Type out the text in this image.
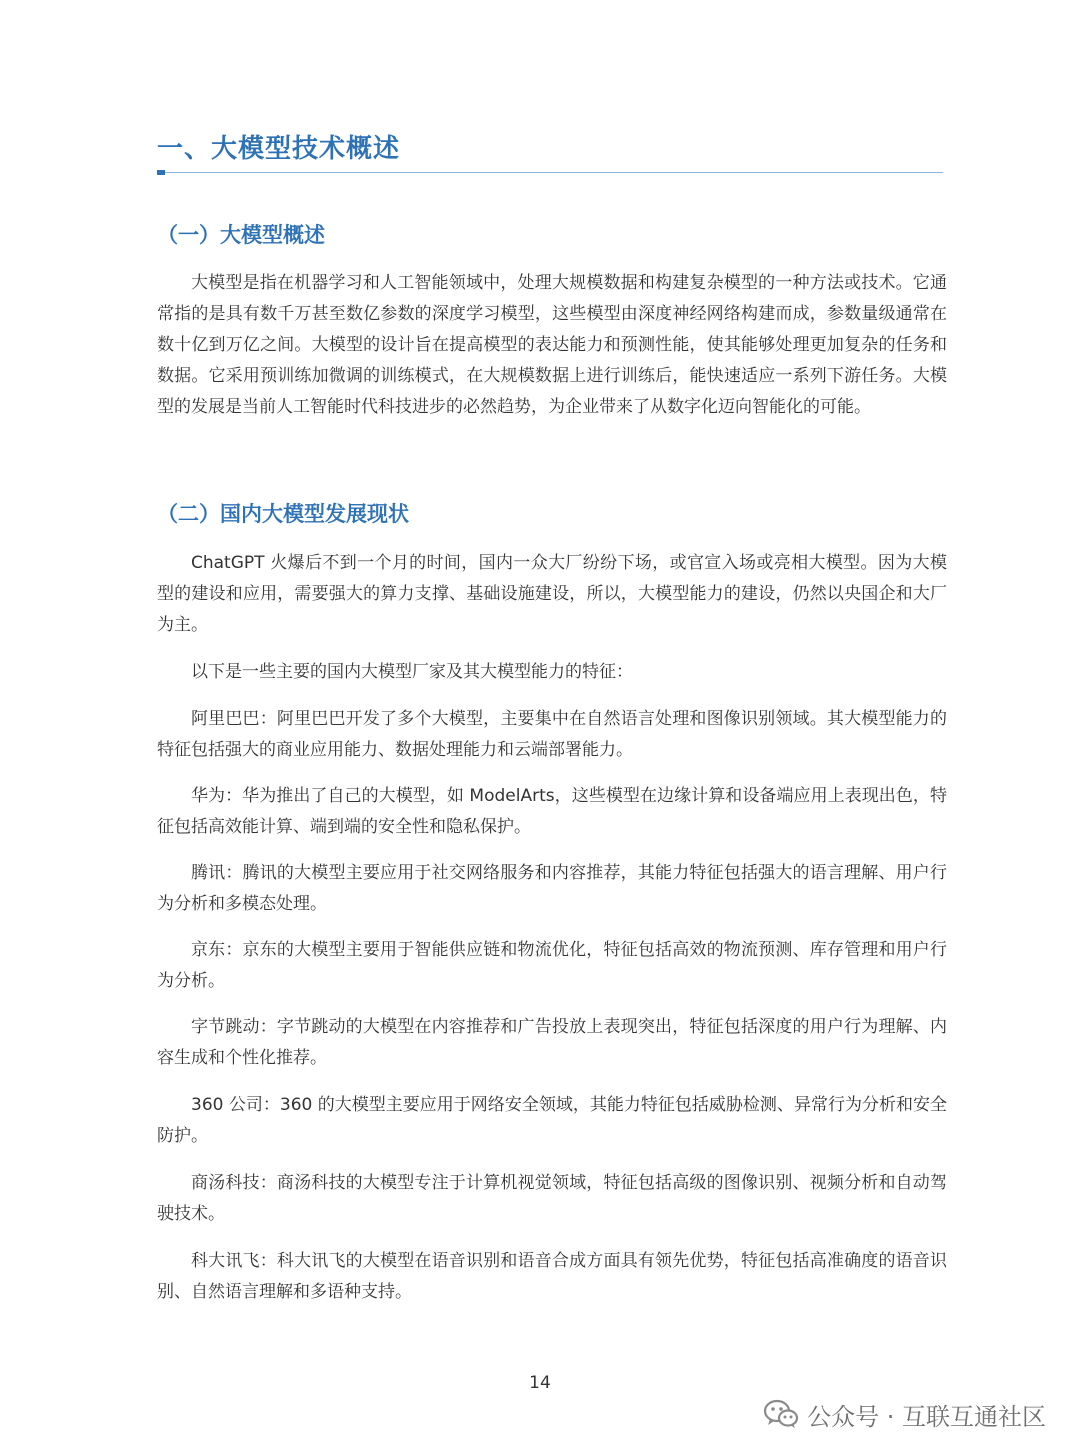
一、大模型技术概述
（一）大模型概述

大模型是指在机器学习和人工智能领域中，处理大规模数据和构建复杂模型的一种方法或技术。它通常指的是具有数千万甚至数亿参数的深度学习模型，这些模型由深度神经网络构建而成，参数量级通常在数十亿到万亿之间。大模型的设计旨在提高模型的表达能力和预测性能，使其能够处理更加复杂的任务和数据。它采用预训练加微调的训练模式，在大规模数据上进行训练后，能快速适应一系列下游任务。大模型的发展是当前人工智能时代科技进步的必然趋势，为企业带来了从数字化迈向智能化的可能。

（二）国内大模型发展现状

ChatGPT 火爆后不到一个月的时间，国内一众大厂纷纷下场，或官宣入场或亮相大模型。因为大模型的建设和应用，需要强大的算力支撑、基础设施建设，所以，大模型能力的建设，仍然以央国企和大厂为主。

以下是一些主要的国内大模型厂家及其大模型能力的特征：

阿里巴巴：阿里巴巴开发了多个大模型，主要集中在自然语言处理和图像识别领域。其大模型能力的特征包括强大的商业应用能力、数据处理能力和云端部署能力。

华为：华为推出了自己的大模型，如 ModelArts，这些模型在边缘计算和设备端应用上表现出色，特征包括高效能计算、端到端的安全性和隐私保护。

腾讯：腾讯的大模型主要应用于社交网络服务和内容推荐，其能力特征包括强大的语言理解、用户行为分析和多模态处理。

京东：京东的大模型主要用于智能供应链和物流优化，特征包括高效的物流预测、库存管理和用户行为分析。

字节跳动：字节跳动的大模型在内容推荐和广告投放上表现突出，特征包括深度的用户行为理解、内容生成和个性化推荐。

360 公司：360 的大模型主要应用于网络安全领域，其能力特征包括威胁检测、异常行为分析和安全防护。

商汤科技：商汤科技的大模型专注于计算机视觉领域，特征包括高级的图像识别、视频分析和自动驾驶技术。

科大讯飞：科大讯飞的大模型在语音识别和语音合成方面具有领先优势，特征包括高准确度的语音识别、自然语言理解和多语种支持。

14
公众号 · 互联互通社区
